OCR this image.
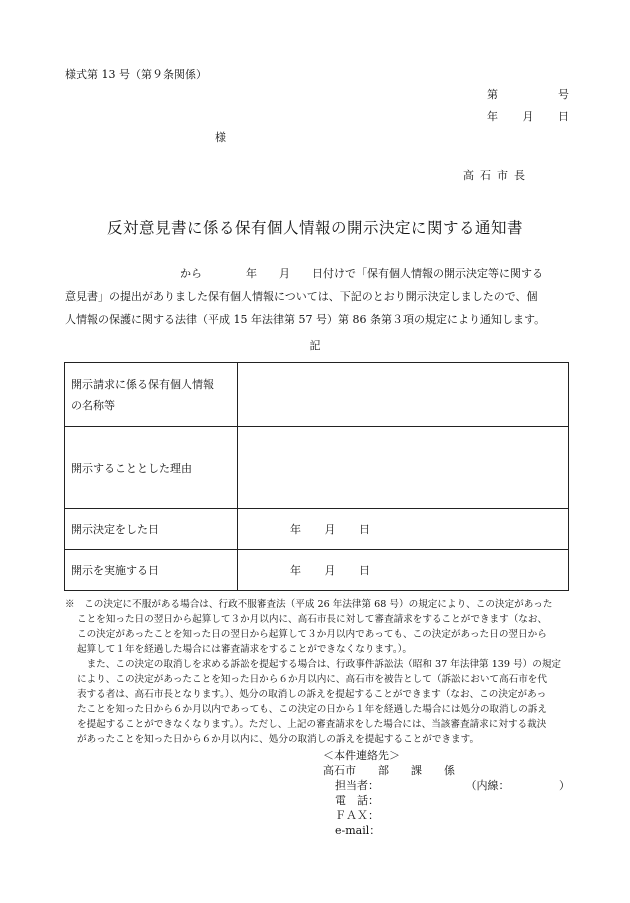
様式第 13 号（第９条関係）
第	号
年 月 日
様
高石市長
反対意見書に係る保有個人情報の開示決定に関する通知書
から　　　　年　　月　　日付けで「保有個人情報の開示決定等に関する
意見書」の提出がありました保有個人情報については、下記のとおり開示決定しましたので、個
人情報の保護に関する法律（平成 15 年法律第 57 号）第 86 条第３項の規定により通知します。
記
開示請求に係る保有個人情報
の名称等	
開示することとした理由	
開示決定をした日	年 月 日

開示を実施する日	年 月 日
※　この決定に不服がある場合は、行政不服審査法（平成 26 年法律第 68 号）の規定により、この決定があった
ことを知った日の翌日から起算して３か月以内に、高石市長に対して審査請求をすることができます（なお、
この決定があったことを知った日の翌日から起算して３か月以内であっても、この決定があった日の翌日から
起算して１年を経過した場合には審査請求をすることができなくなります。）。
　また、この決定の取消しを求める訴訟を提起する場合は、行政事件訴訟法（昭和 37 年法律第 139 号）の規定
により、この決定があったことを知った日から６か月以内に、高石市を被告として（訴訟において高石市を代
表する者は、高石市長となります。）、処分の取消しの訴えを提起することができます（なお、この決定があっ
たことを知った日から６か月以内であっても、この決定の日から１年を経過した場合には処分の取消しの訴え
を提起することができなくなります。）。ただし、上記の審査請求をした場合には、当該審査請求に対する裁決
があったことを知った日から６か月以内に、処分の取消しの訴えを提起することができます。
＜本件連絡先＞
高石市　　部　　課　　係
担当者：	（内線：　　　　　）
電　話：
ＦＡＸ：
e-mail：
